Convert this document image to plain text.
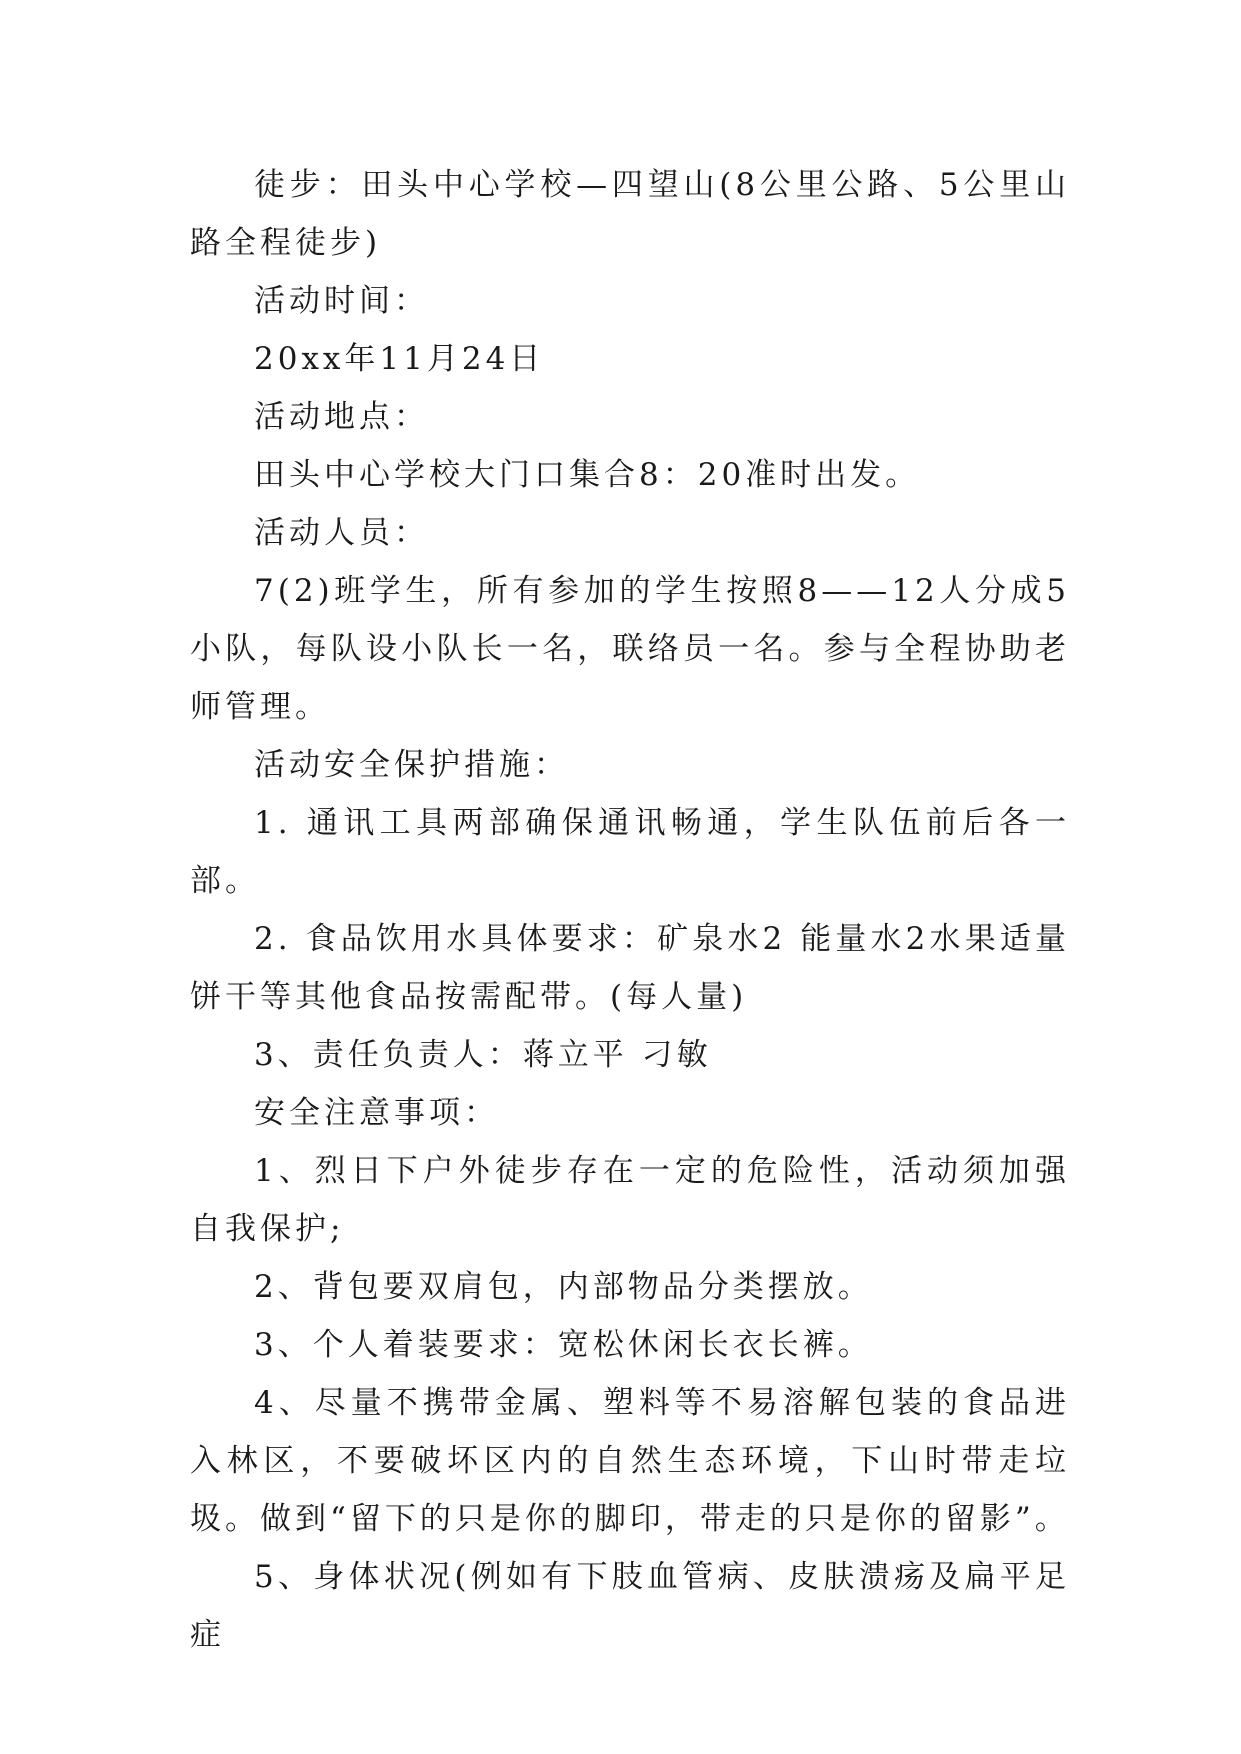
徒步：田头中心学校—四望山(8公里公路、5公里山路全程徒步)

活动时间：

20xx年11月24日

活动地点：

田头中心学校大门口集合8：20准时出发。

活动人员：

7(2)班学生，所有参加的学生按照8——12人分成5小队，每队设小队长一名，联络员一名。参与全程协助老师管理。

活动安全保护措施：

1. 通讯工具两部确保通讯畅通，学生队伍前后各一部。

2. 食品饮用水具体要求：矿泉水2 能量水2水果适量饼干等其他食品按需配带。(每人量)

3、责任负责人：蒋立平 刁敏

安全注意事项：

1、烈日下户外徒步存在一定的危险性，活动须加强自我保护;

2、背包要双肩包，内部物品分类摆放。

3、个人着装要求：宽松休闲长衣长裤。

4、尽量不携带金属、塑料等不易溶解包装的食品进入林区，不要破坏区内的自然生态环境，下山时带走垃圾。做到“留下的只是你的脚印，带走的只是你的留影”。

5、身体状况(例如有下肢血管病、皮肤溃疡及扁平足症
